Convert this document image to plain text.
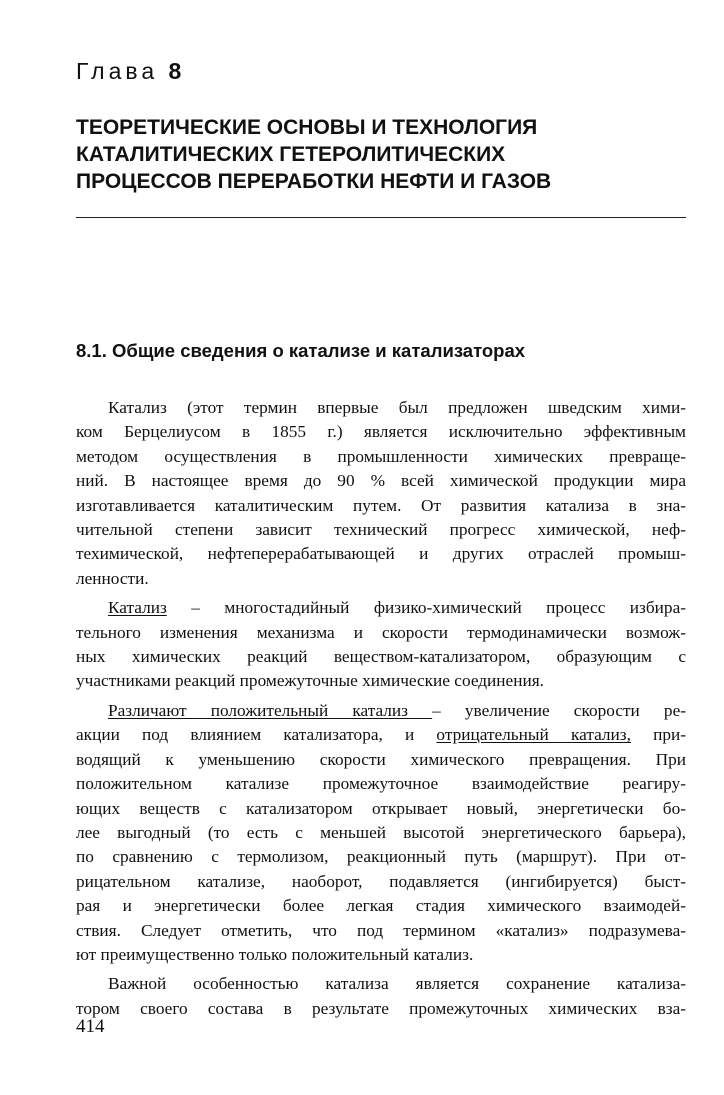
Глава 8
ТЕОРЕТИЧЕСКИЕ ОСНОВЫ И ТЕХНОЛОГИЯ
КАТАЛИТИЧЕСКИХ ГЕТЕРОЛИТИЧЕСКИХ
ПРОЦЕССОВ ПЕРЕРАБОТКИ НЕФТИ И ГАЗОВ
8.1. Общие сведения о катализе и катализаторах
Катализ (этот термин впервые был предложен шведским хими-
ком Берцелиусом в 1855 г.) является исключительно эффективным
методом осуществления в промышленности химических превраще-
ний. В настоящее время до 90 % всей химической продукции мира
изготавливается каталитическим путем. От развития катализа в зна-
чительной степени зависит технический прогресс химической, неф-
техимической, нефтеперерабатывающей и других отраслей промыш-
ленности.
Катализ – многостадийный физико-химический процесс избира-
тельного изменения механизма и скорости термодинамически возмож-
ных химических реакций веществом-катализатором, образующим с
участниками реакций промежуточные химические соединения.
Различают положительный катализ – увеличение скорости ре-
акции под влиянием катализатора, и отрицательный катализ, при-
водящий к уменьшению скорости химического превращения. При
положительном катализе промежуточное взаимодействие реагиру-
ющих веществ с катализатором открывает новый, энергетически бо-
лее выгодный (то есть с меньшей высотой энергетического барьера),
по сравнению с термолизом, реакционный путь (маршрут). При от-
рицательном катализе, наоборот, подавляется (ингибируется) быст-
рая и энергетически более легкая стадия химического взаимодей-
ствия. Следует отметить, что под термином «катализ» подразумева-
ют преимущественно только положительный катализ.
Важной особенностью катализа является сохранение катализа-
тором своего состава в результате промежуточных химических вза-
414
